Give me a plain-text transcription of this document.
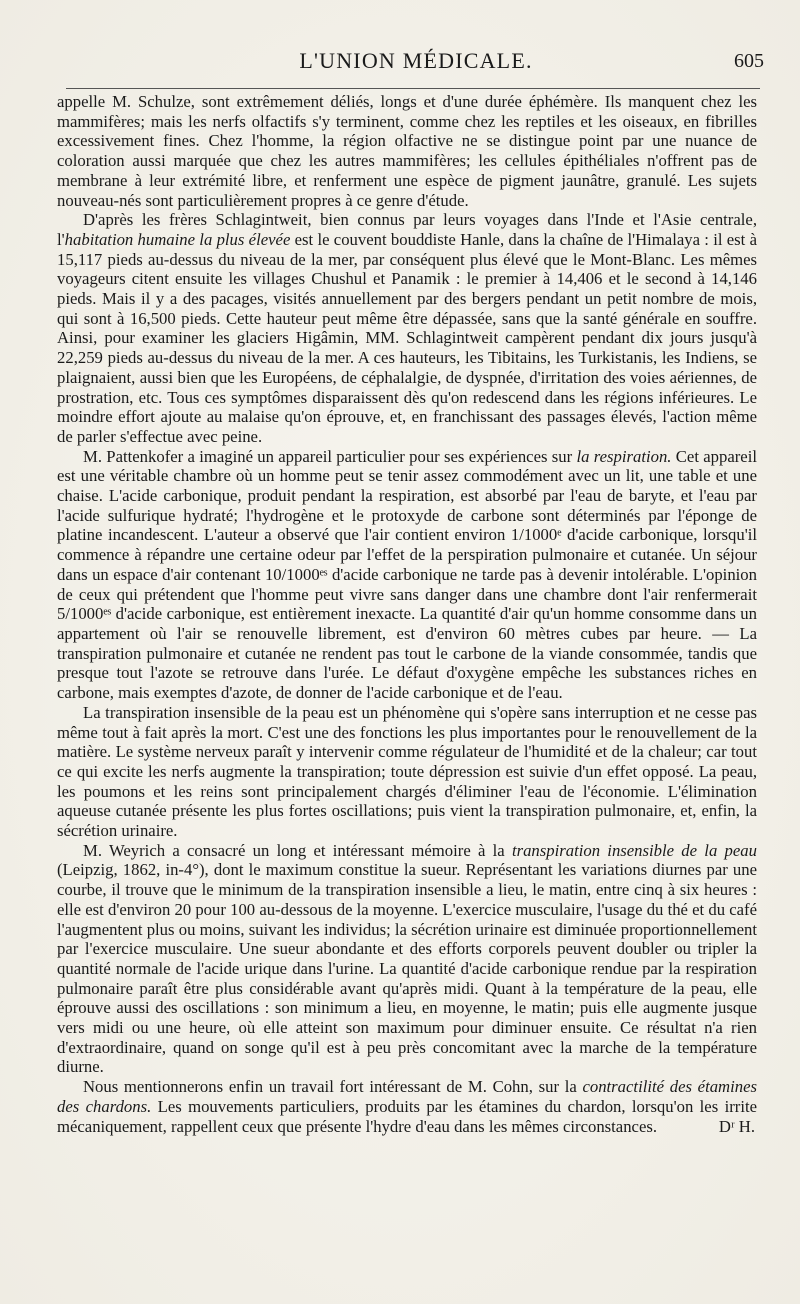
L'UNION MÉDICALE.	605

appelle M. Schulze, sont extrêmement déliés, longs et d'une durée éphémère. Ils manquent chez les mammifères; mais les nerfs olfactifs s'y terminent, comme chez les reptiles et les oiseaux, en fibrilles excessivement fines. Chez l'homme, la région olfactive ne se distingue point par une nuance de coloration aussi marquée que chez les autres mammifères; les cellules épithéliales n'offrent pas de membrane à leur extrémité libre, et renferment une espèce de pigment jaunâtre, granulé. Les sujets nouveau-nés sont particulièrement propres à ce genre d'étude.

D'après les frères Schlagintweit, bien connus par leurs voyages dans l'Inde et l'Asie centrale, l'habitation humaine la plus élevée est le couvent bouddiste Hanle, dans la chaîne de l'Himalaya : il est à 15,117 pieds au-dessus du niveau de la mer, par conséquent plus élevé que le Mont-Blanc. Les mêmes voyageurs citent ensuite les villages Chushul et Panamik : le premier à 14,406 et le second à 14,146 pieds. Mais il y a des pacages, visités annuellement par des bergers pendant un petit nombre de mois, qui sont à 16,500 pieds. Cette hauteur peut même être dépassée, sans que la santé générale en souffre. Ainsi, pour examiner les glaciers Higâmin, MM. Schlagintweit campèrent pendant dix jours jusqu'à 22,259 pieds au-dessus du niveau de la mer. A ces hauteurs, les Tibitains, les Turkistanis, les Indiens, se plaignaient, aussi bien que les Européens, de céphalalgie, de dyspnée, d'irritation des voies aériennes, de prostration, etc. Tous ces symptômes disparaissent dès qu'on redescend dans les régions inférieures. Le moindre effort ajoute au malaise qu'on éprouve, et, en franchissant des passages élevés, l'action même de parler s'effectue avec peine.

M. Pattenkofer a imaginé un appareil particulier pour ses expériences sur la respiration. Cet appareil est une véritable chambre où un homme peut se tenir assez commodément avec un lit, une table et une chaise. L'acide carbonique, produit pendant la respiration, est absorbé par l'eau de baryte, et l'eau par l'acide sulfurique hydraté; l'hydrogène et le protoxyde de carbone sont déterminés par l'éponge de platine incandescent. L'auteur a observé que l'air contient environ 1/1000ᵉ d'acide carbonique, lorsqu'il commence à répandre une certaine odeur par l'effet de la perspiration pulmonaire et cutanée. Un séjour dans un espace d'air contenant 10/1000ᵉˢ d'acide carbonique ne tarde pas à devenir intolérable. L'opinion de ceux qui prétendent que l'homme peut vivre sans danger dans une chambre dont l'air renfermerait 5/1000ᵉˢ d'acide carbonique, est entièrement inexacte. La quantité d'air qu'un homme consomme dans un appartement où l'air se renouvelle librement, est d'environ 60 mètres cubes par heure. — La transpiration pulmonaire et cutanée ne rendent pas tout le carbone de la viande consommée, tandis que presque tout l'azote se retrouve dans l'urée. Le défaut d'oxygène empêche les substances riches en carbone, mais exemptes d'azote, de donner de l'acide carbonique et de l'eau.

La transpiration insensible de la peau est un phénomène qui s'opère sans interruption et ne cesse pas même tout à fait après la mort. C'est une des fonctions les plus importantes pour le renouvellement de la matière. Le système nerveux paraît y intervenir comme régulateur de l'humidité et de la chaleur; car tout ce qui excite les nerfs augmente la transpiration; toute dépression est suivie d'un effet opposé. La peau, les poumons et les reins sont principalement chargés d'éliminer l'eau de l'économie. L'élimination aqueuse cutanée présente les plus fortes oscillations; puis vient la transpiration pulmonaire, et, enfin, la sécrétion urinaire.

M. Weyrich a consacré un long et intéressant mémoire à la transpiration insensible de la peau (Leipzig, 1862, in-4°), dont le maximum constitue la sueur. Représentant les variations diurnes par une courbe, il trouve que le minimum de la transpiration insensible a lieu, le matin, entre cinq à six heures : elle est d'environ 20 pour 100 au-dessous de la moyenne. L'exercice musculaire, l'usage du thé et du café l'augmentent plus ou moins, suivant les individus; la sécrétion urinaire est diminuée proportionnellement par l'exercice musculaire. Une sueur abondante et des efforts corporels peuvent doubler ou tripler la quantité normale de l'acide urique dans l'urine. La quantité d'acide carbonique rendue par la respiration pulmonaire paraît être plus considérable avant qu'après midi. Quant à la température de la peau, elle éprouve aussi des oscillations : son minimum a lieu, en moyenne, le matin; puis elle augmente jusque vers midi ou une heure, où elle atteint son maximum pour diminuer ensuite. Ce résultat n'a rien d'extraordinaire, quand on songe qu'il est à peu près concomitant avec la marche de la température diurne.

Nous mentionnerons enfin un travail fort intéressant de M. Cohn, sur la contractilité des étamines des chardons. Les mouvements particuliers, produits par les étamines du chardon, lorsqu'on les irrite mécaniquement, rappellent ceux que présente l'hydre d'eau dans les mêmes circonstances.	Dʳ H.
